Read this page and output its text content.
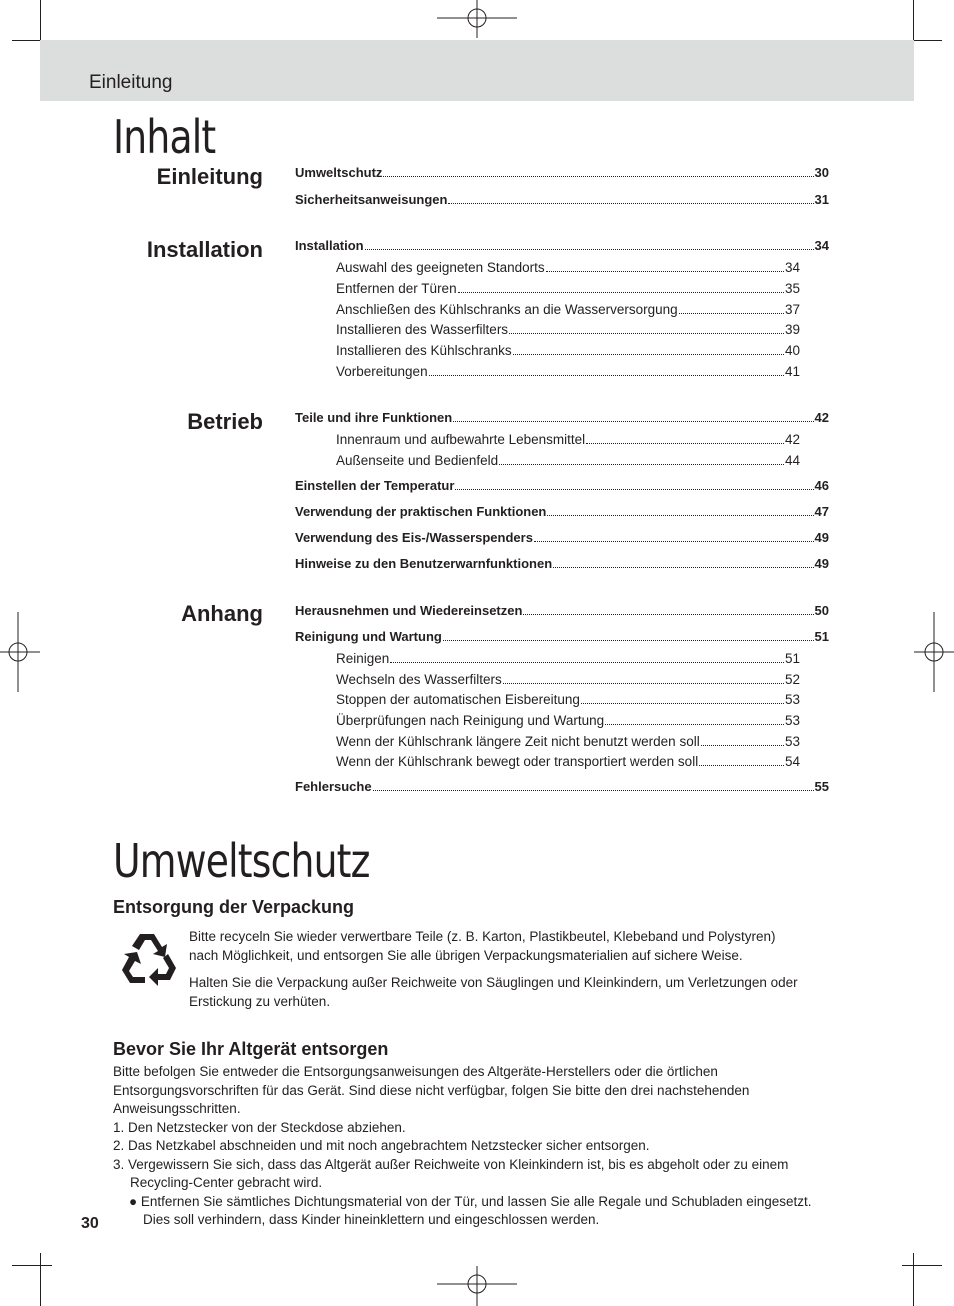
Einleitung
Inhalt
Einleitung
Installation
Betrieb
Anhang
Umweltschutz	30
Sicherheitsanweisungen	31
Installation	34
Auswahl des geeigneten Standorts	34
Entfernen der Türen	35
Anschließen des Kühlschranks an die Wasserversorgung	37
Installieren des Wasserfilters	39
Installieren des Kühlschranks	40
Vorbereitungen	41
Teile und ihre Funktionen	42
Innenraum und aufbewahrte Lebensmittel	42
Außenseite und Bedienfeld	44
Einstellen der Temperatur	46
Verwendung der praktischen Funktionen	47
Verwendung des Eis-/Wasserspenders	49
Hinweise zu den Benutzerwarnfunktionen	49
Herausnehmen und Wiedereinsetzen	50
Reinigung und Wartung	51
Reinigen	51
Wechseln des Wasserfilters	52
Stoppen der automatischen Eisbereitung	53
Überprüfungen nach Reinigung und Wartung	53
Wenn der Kühlschrank längere Zeit nicht benutzt werden soll	53
Wenn der Kühlschrank bewegt oder transportiert werden soll	54
Fehlersuche	55
Umweltschutz
Entsorgung der Verpackung
Bitte recyceln Sie wieder verwertbare Teile (z. B. Karton, Plastikbeutel, Klebeband und Polystyren)
nach Möglichkeit, und entsorgen Sie alle übrigen Verpackungsmaterialien auf sichere Weise.
Halten Sie die Verpackung außer Reichweite von Säuglingen und Kleinkindern, um Verletzungen oder
Erstickung zu verhüten.
Bevor Sie Ihr Altgerät entsorgen
Bitte befolgen Sie entweder die Entsorgungsanweisungen des Altgeräte-Herstellers oder die örtlichen
Entsorgungsvorschriften für das Gerät. Sind diese nicht verfügbar, folgen Sie bitte den drei nachstehenden
Anweisungsschritten.
1. Den Netzstecker von der Steckdose abziehen.
2. Das Netzkabel abschneiden und mit noch angebrachtem Netzstecker sicher entsorgen.
3. Vergewissern Sie sich, dass das Altgerät außer Reichweite von Kleinkindern ist, bis es abgeholt oder zu einem
Recycling-Center gebracht wird.
● Entfernen Sie sämtliches Dichtungsmaterial von der Tür, und lassen Sie alle Regale und Schubladen eingesetzt.
Dies soll verhindern, dass Kinder hineinklettern und eingeschlossen werden.
30
